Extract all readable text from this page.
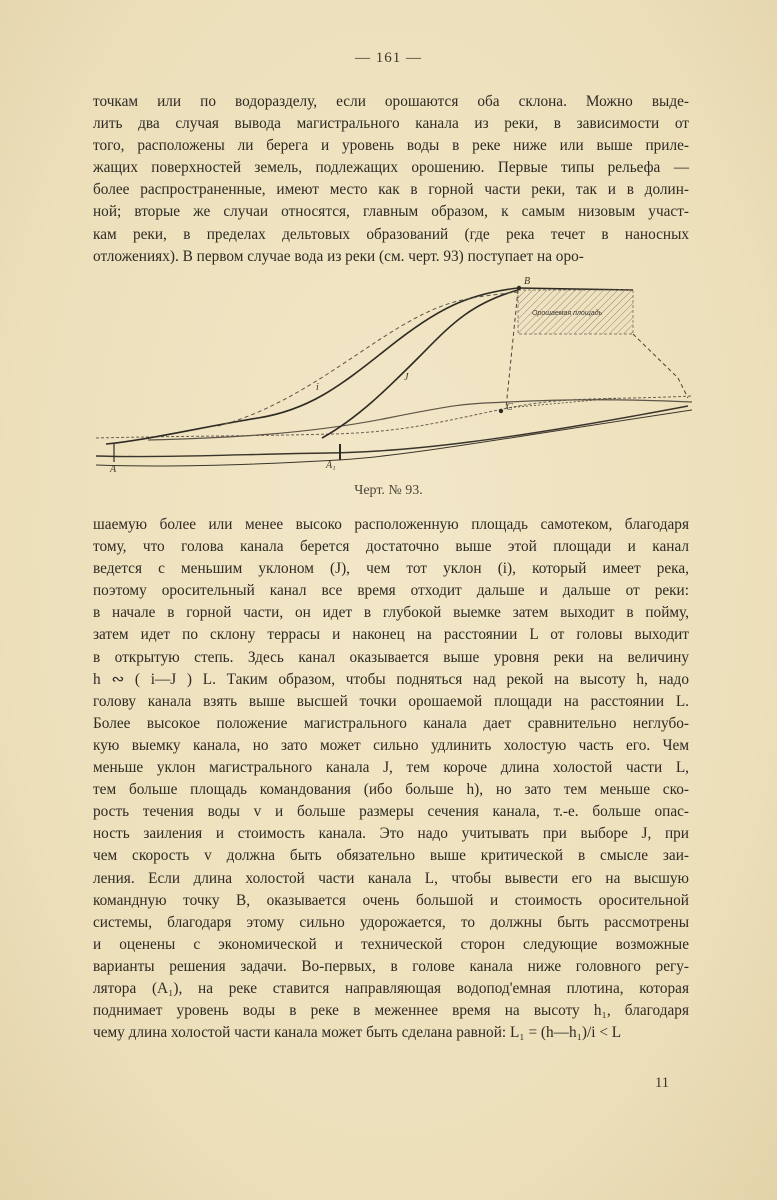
— 161 —
точкам или по водоразделу, если орошаются оба склона. Можно выде-
лить два случая вывода магистрального канала из реки, в зависимости от
того, расположены ли берега и уровень воды в реке ниже или выше приле-
жащих поверхностей земель, подлежащих орошению. Первые типы рельефа —
более распространенные, имеют место как в горной части реки, так и в долин-
ной; вторые же случаи относятся, главным образом, к самым низовым участ-
кам реки, в пределах дельтовых образований (где река течет в наносных
отложениях). В первом случае вода из реки (см. черт. 93) поступает на оро-
B
C
A	A₁
i
J
Орошаемая площадь
Черт. № 93.
шаемую более или менее высоко расположенную площадь самотеком, благодаря
тому, что голова канала берется достаточно выше этой площади и канал
ведется с меньшим уклоном (J), чем тот уклон (i), который имеет река,
поэтому оросительный канал все время отходит дальше и дальше от реки:
в начале в горной части, он идет в глубокой выемке затем выходит в пойму,
затем идет по склону террасы и наконец на расстоянии L от головы выходит
в открытую степь. Здесь канал оказывается выше уровня реки на величину
h ∾ ( i—J ) L. Таким образом, чтобы подняться над рекой на высоту h, надо
голову канала взять выше высшей точки орошаемой площади на расстоянии L.
Более высокое положение магистрального канала дает сравнительно неглубо-
кую выемку канала, но зато может сильно удлинить холостую часть его. Чем
меньше уклон магистрального канала J, тем короче длина холостой части L,
тем больше площадь командования (ибо больше h), но зато тем меньше ско-
рость течения воды v и больше размеры сечения канала, т.-е. больше опас-
ность заиления и стоимость канала. Это надо учитывать при выборе J, при
чем скорость v должна быть обязательно выше критической в смысле заи-
ления. Если длина холостой части канала L, чтобы вывести его на высшую
командную точку B, оказывается очень большой и стоимость оросительной
системы, благодаря этому сильно удорожается, то должны быть рассмотрены
и оценены с экономической и технической сторон следующие возможные
варианты решения задачи. Во-первых, в голове канала ниже головного регу-
лятора (A₁), на реке ставится направляющая водопод'емная плотина, которая
поднимает уровень воды в реке в меженнее время на высоту h₁, благодаря
чему длина холостой части канала может быть сделана равной: L₁ = (h—h₁)/i < L
11
